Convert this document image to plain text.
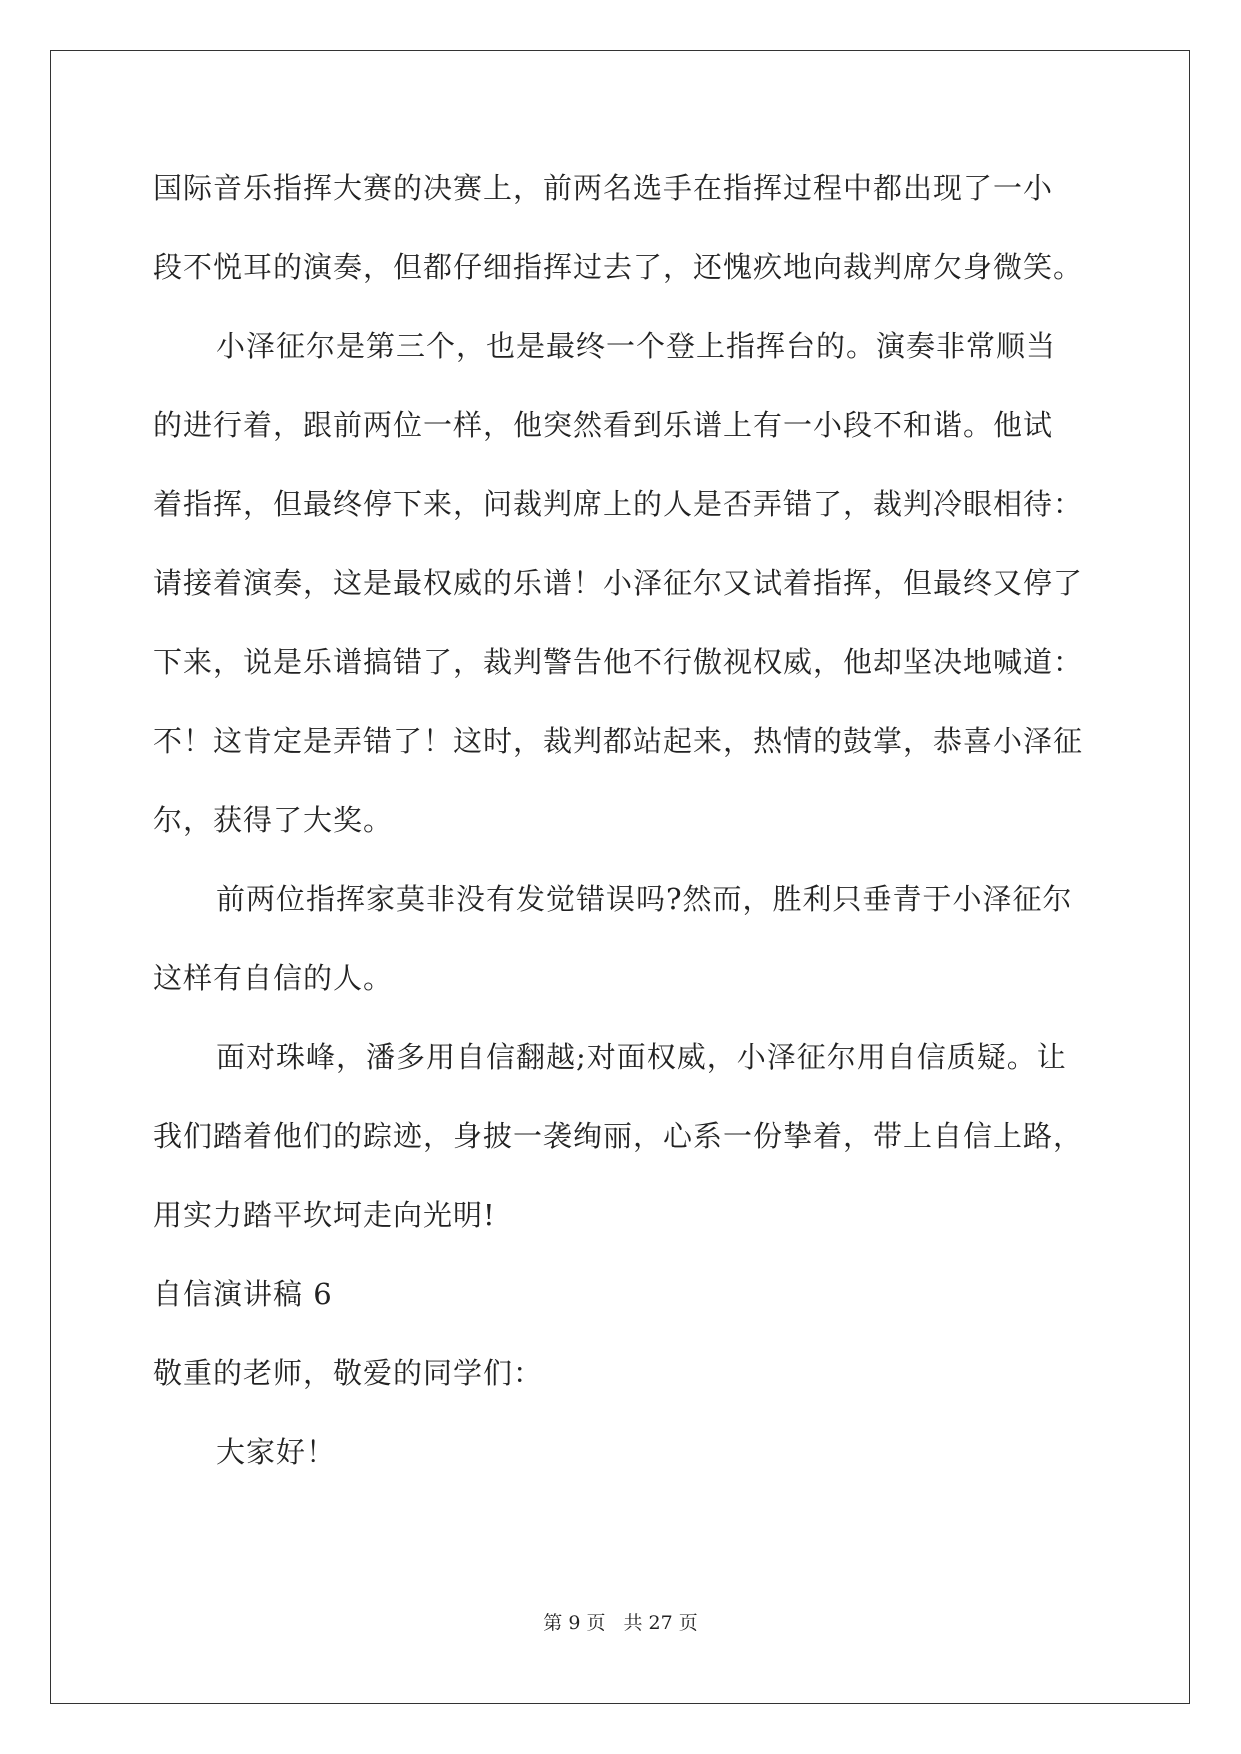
国际音乐指挥大赛的决赛上，前两名选手在指挥过程中都出现了一小
段不悦耳的演奏，但都仔细指挥过去了，还愧疚地向裁判席欠身微笑。
小泽征尔是第三个，也是最终一个登上指挥台的。演奏非常顺当
的进行着，跟前两位一样，他突然看到乐谱上有一小段不和谐。他试
着指挥，但最终停下来，问裁判席上的人是否弄错了，裁判冷眼相待：
请接着演奏，这是最权威的乐谱！小泽征尔又试着指挥，但最终又停了
下来，说是乐谱搞错了，裁判警告他不行傲视权威，他却坚决地喊道：
不！这肯定是弄错了！这时，裁判都站起来，热情的鼓掌，恭喜小泽征
尔，获得了大奖。
前两位指挥家莫非没有发觉错误吗?然而，胜利只垂青于小泽征尔
这样有自信的人。
面对珠峰，潘多用自信翻越;对面权威，小泽征尔用自信质疑。让
我们踏着他们的踪迹，身披一袭绚丽，心系一份挚着，带上自信上路，
用实力踏平坎坷走向光明!
自信演讲稿 6
敬重的老师，敬爱的同学们：
大家好！
第 9 页 共 27 页
